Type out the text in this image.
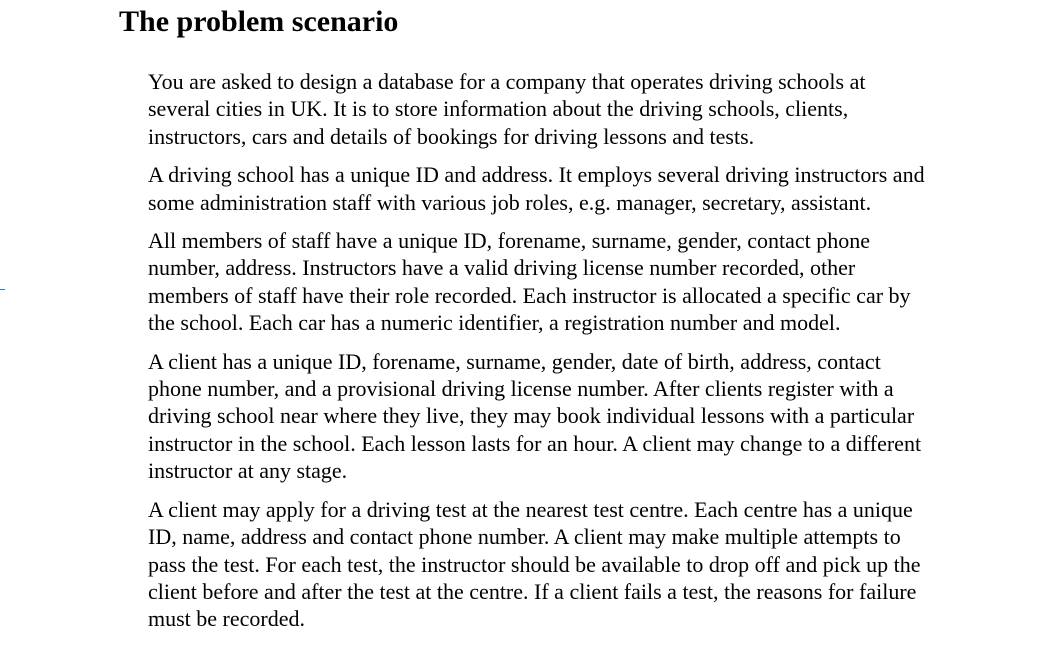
The problem scenario

You are asked to design a database for a company that operates driving schools at
several cities in UK. It is to store information about the driving schools, clients,
instructors, cars and details of bookings for driving lessons and tests.

A driving school has a unique ID and address. It employs several driving instructors and
some administration staff with various job roles, e.g. manager, secretary, assistant.

All members of staff have a unique ID, forename, surname, gender, contact phone
number, address. Instructors have a valid driving license number recorded, other
members of staff have their role recorded. Each instructor is allocated a specific car by
the school. Each car has a numeric identifier, a registration number and model.

A client has a unique ID, forename, surname, gender, date of birth, address, contact
phone number, and a provisional driving license number. After clients register with a
driving school near where they live, they may book individual lessons with a particular
instructor in the school. Each lesson lasts for an hour. A client may change to a different
instructor at any stage.

A client may apply for a driving test at the nearest test centre. Each centre has a unique
ID, name, address and contact phone number. A client may make multiple attempts to
pass the test. For each test, the instructor should be available to drop off and pick up the
client before and after the test at the centre. If a client fails a test, the reasons for failure
must be recorded.
